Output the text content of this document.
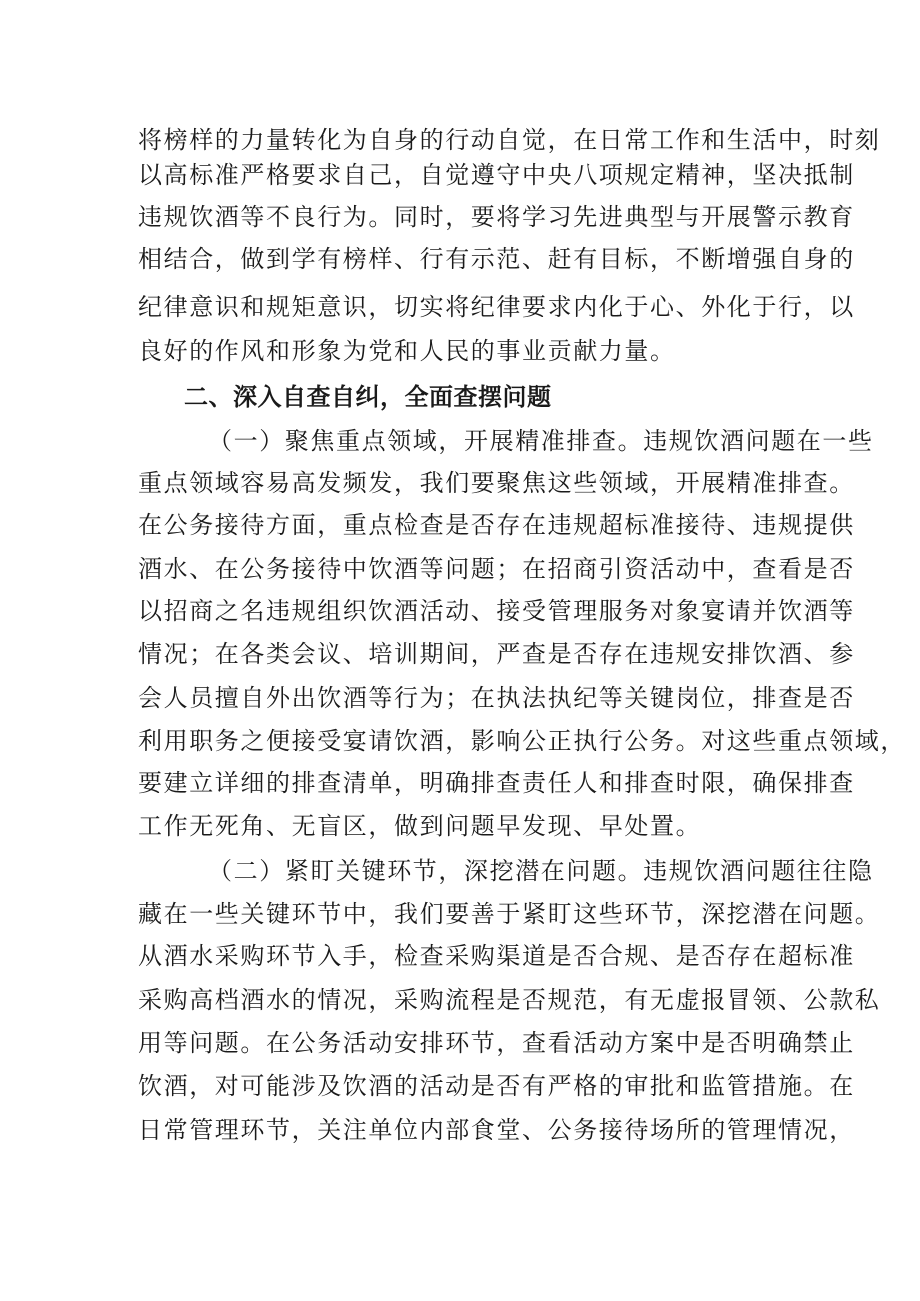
将榜样的力量转化为自身的行动自觉，在日常工作和生活中，时刻
以高标准严格要求自己，自觉遵守中央八项规定精神，坚决抵制
违规饮酒等不良行为。同时，要将学习先进典型与开展警示教育
相结合，做到学有榜样、行有示范、赶有目标，不断增强自身的
纪律意识和规矩意识，切实将纪律要求内化于心、外化于行，以
良好的作风和形象为党和人民的事业贡献力量。
二、深入自查自纠，全面查摆问题
（一）聚焦重点领域，开展精准排查。违规饮酒问题在一些
重点领域容易高发频发，我们要聚焦这些领域，开展精准排查。
在公务接待方面，重点检查是否存在违规超标准接待、违规提供
酒水、在公务接待中饮酒等问题；在招商引资活动中，查看是否
以招商之名违规组织饮酒活动、接受管理服务对象宴请并饮酒等
情况；在各类会议、培训期间，严查是否存在违规安排饮酒、参
会人员擅自外出饮酒等行为；在执法执纪等关键岗位，排查是否
利用职务之便接受宴请饮酒，影响公正执行公务。对这些重点领域，
要建立详细的排查清单，明确排查责任人和排查时限，确保排查
工作无死角、无盲区，做到问题早发现、早处置。
（二）紧盯关键环节，深挖潜在问题。违规饮酒问题往往隐
藏在一些关键环节中，我们要善于紧盯这些环节，深挖潜在问题。
从酒水采购环节入手，检查采购渠道是否合规、是否存在超标准
采购高档酒水的情况，采购流程是否规范，有无虚报冒领、公款私
用等问题。在公务活动安排环节，查看活动方案中是否明确禁止
饮酒，对可能涉及饮酒的活动是否有严格的审批和监管措施。在
日常管理环节，关注单位内部食堂、公务接待场所的管理情况，
